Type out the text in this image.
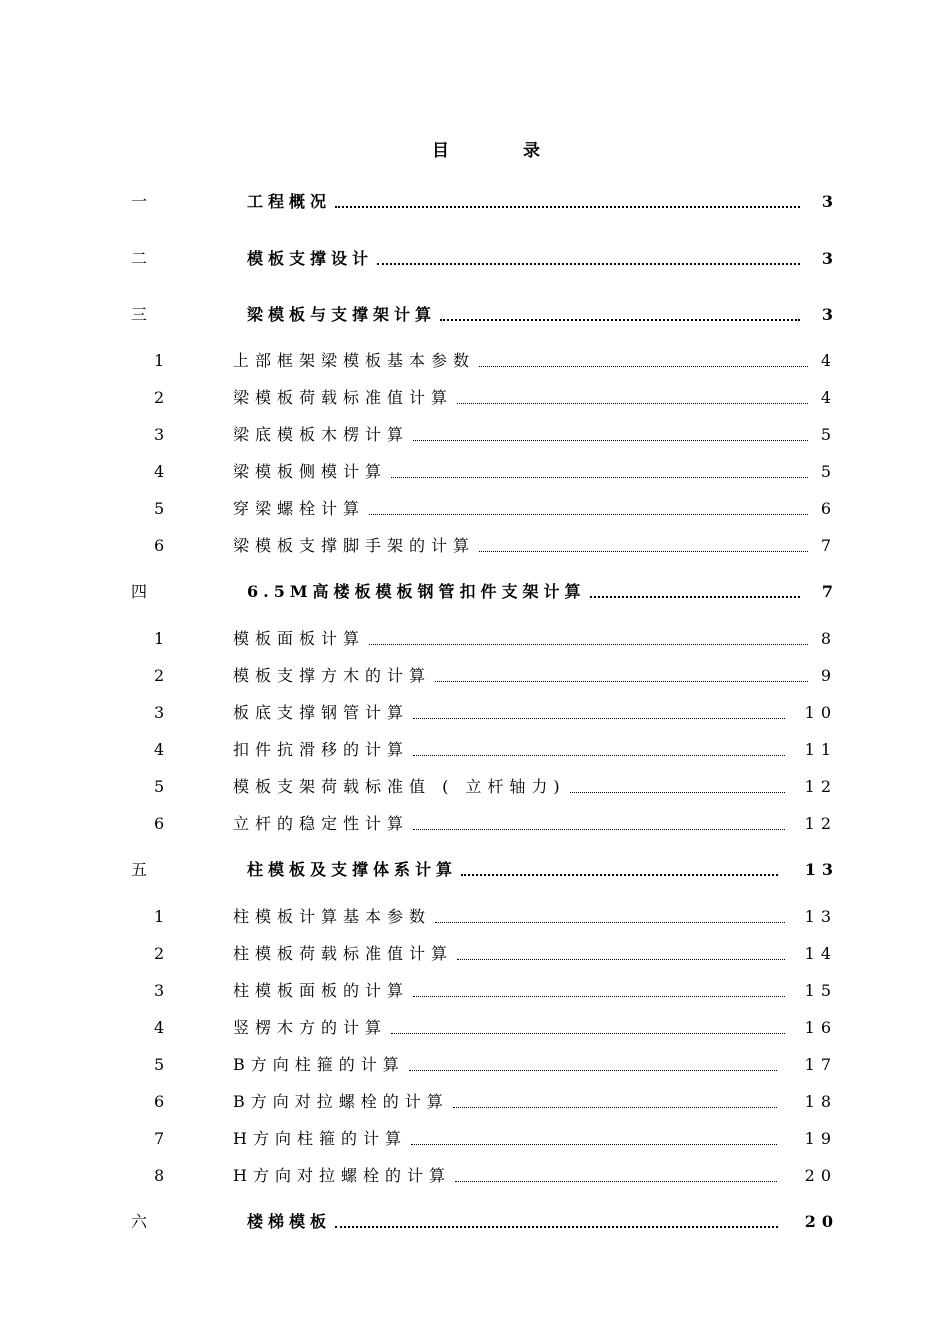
目	录
一	工程概况	3
二	模板支撑设计	3
三	梁模板与支撑架计算	3
1	上部框架梁模板基本参数	4
2	梁模板荷载标准值计算	4
3	梁底模板木楞计算	5
4	梁模板侧模计算	5
5	穿梁螺栓计算	6
6	梁模板支撑脚手架的计算	7
四	6.5M高楼板模板钢管扣件支架计算	7
1	模板面板计算	8
2	模板支撑方木的计算	9
3	板底支撑钢管计算	10
4	扣件抗滑移的计算	11
5	模板支架荷载标准值 ( 立杆轴力)	12
6	立杆的稳定性计算	12
五	柱模板及支撑体系计算	13
1	柱模板计算基本参数	13
2	柱模板荷载标准值计算	14
3	柱模板面板的计算	15
4	竖楞木方的计算	16
5	B方向柱箍的计算	17
6	B方向对拉螺栓的计算	18
7	H方向柱箍的计算	19
8	H方向对拉螺栓的计算	20
六	楼梯模板	20
